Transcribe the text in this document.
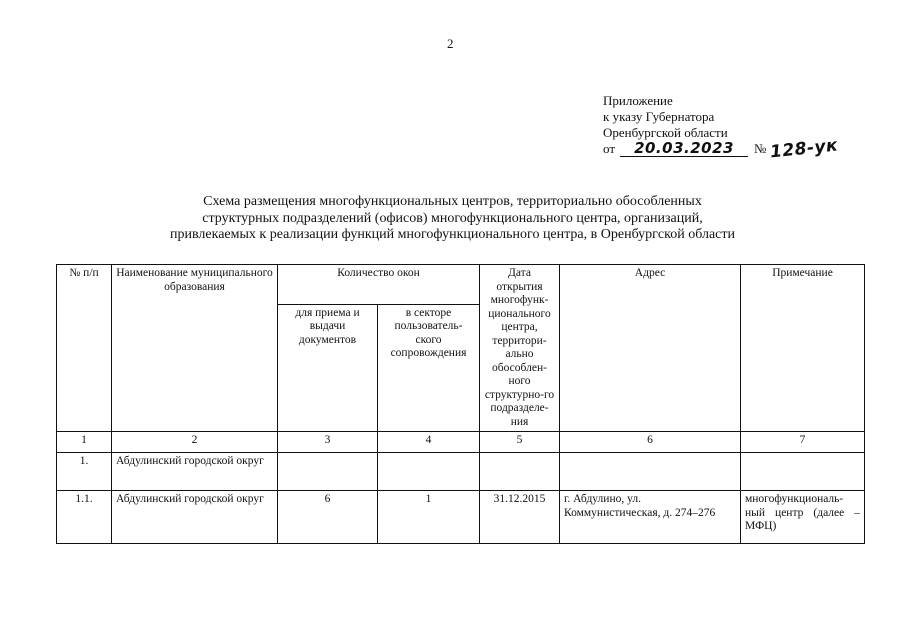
2
Приложение
к указу Губернатора
Оренбургской области
от	20.03.2023	№ 128-ук
Схема размещения многофункциональных центров, территориально обособленных
структурных подразделений (офисов) многофункционального центра, организаций,
привлекаемых к реализации функций многофункционального центра, в Оренбургской области
№ п/п	Наименование муниципального образования	Количество окон		Дата открытия многофунк-ционального центра, территори-ально обособлен-ного структурно-го подразделе-ния	Адрес	Примечание
		для приема и выдачи документов	в секторе пользователь-ского сопровождения			
1	2	3	4	5	6	7
1.	Абдулинский городской округ					
1.1.	Абдулинский городской округ	6	1	31.12.2015	г. Абдулино, ул. Коммунистическая, д. 274–276	многофункциональ-ный центр (далее – МФЦ)
